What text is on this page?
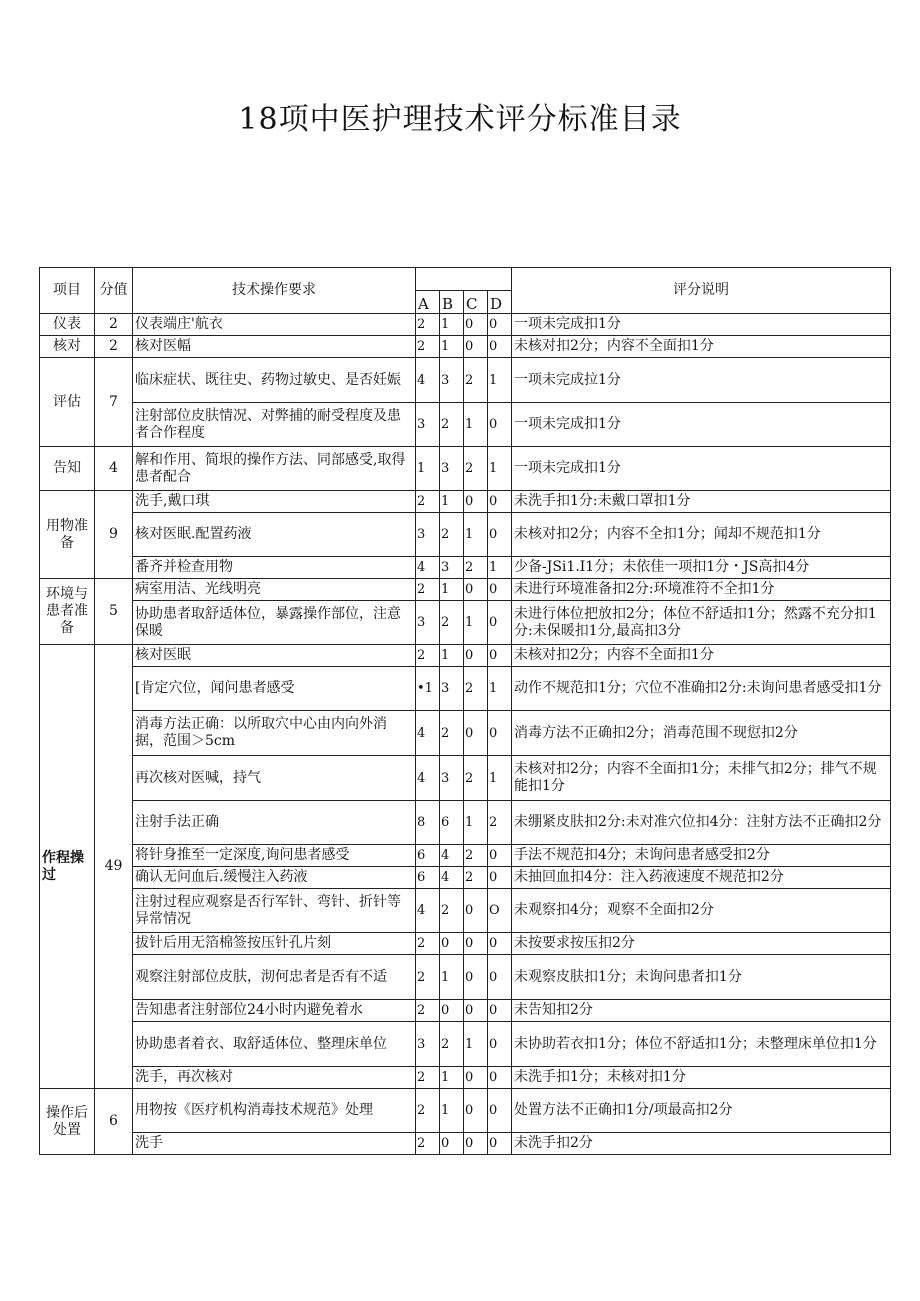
18项中医护理技术评分标准目录
项目	分值	技术操作要求					评分说明
			A	B	C	D	
仪表	2	仪表端庄'航衣	2	1	0	0	一项未完成扣1分
核对	2	核对医幅	2	1	0	0	未核对扣2分；内容不全面扣1分
评估	7	临床症状、既往史、药物过敏史、是否妊娠	4	3	2	1	一项未完成拉1分
		注射部位皮肤情况、对弊捕的耐受程度及患者合作程度	3	2	1	0	一项未完成扣1分
告知	4	解和作用、简垠的操作方法、同部感受,取得患者配合	1	3	2	1	一项未完成扣1分
用物准备	9	洗手,戴口琪	2	1	0	0	未洗手扣1分:未戴口罩扣1分
		核对医眠.配置药液	3	2	1	0	未核对扣2分；内容不全扣1分；闻却不规范扣1分
		番齐并检查用物	4	3	2	1	少备-JSi1.I1分；未依佳一项扣1分・JS高扣4分
环境与患者准备	5	病室用洁、光线明亮	2	1	0	0	未进行环境准备扣2分:环境准符不全扣1分
		协助患者取舒适体位，暴露操作部位，注意保暖	3	2	1	0	未进行体位把放扣2分；体位不舒适扣1分；然露不充分扣1分:未保暖扣1分,最高扣3分
作程操过	49	核对医眠	2	1	0	0	未核对扣2分；内容不全面扣1分
		[肯定穴位，闻问患者感受	•1	3	2	1	动作不规范扣1分；穴位不准确扣2分:未询问患者感受扣1分
		消毒方法正确：以所取穴中心由内向外消据，范围＞5cm	4	2	0	0	消毒方法不正确扣2分；消毒范围不现愆扣2分
		再次核对医喊，持气	4	3	2	1	未核对扣2分；内容不全面扣1分；未排气扣2分；排气不规能扣1分
		注射手法正确	8	6	1	2	未绷紧皮肤扣2分:未对准穴位扣4分：注射方法不正确扣2分
		将针身推至一定深度,询问患者感受	6	4	2	0	手法不规范扣4分；未询问患者感受扣2分
		确认无问血后.缓慢注入药液	6	4	2	0	未抽回血扣4分：注入药液速度不规范扣2分
		注射过程应观察是否行军针、弯针、折针等异常情况	4	2	0	O	未观察扣4分；观察不全面扣2分
		拔针后用无箔棉签按压针孔片刻	2	0	0	0	未按要求按压扣2分
		观察注射部位皮肤，沏何忠者是否有不适	2	1	0	0	未观察皮肤扣1分；未询问患者扣1分
		告知患者注射部位24小时内避免着水	2	0	0	0	未告知扣2分
		协助患者着衣、取舒适体位、整理床单位	3	2	1	0	未协助若衣扣1分；体位不舒适扣1分；未整理床单位扣1分
		洗手，再次核对	2	1	0	0	未洗手扣1分；未核对扣1分
操作后处置	6	用物按《医疗机构消毒技术规范》处理	2	1	0	0	处置方法不正确扣1分/项最高扣2分
		洗手	2	0	0	0	未洗手扣2分
